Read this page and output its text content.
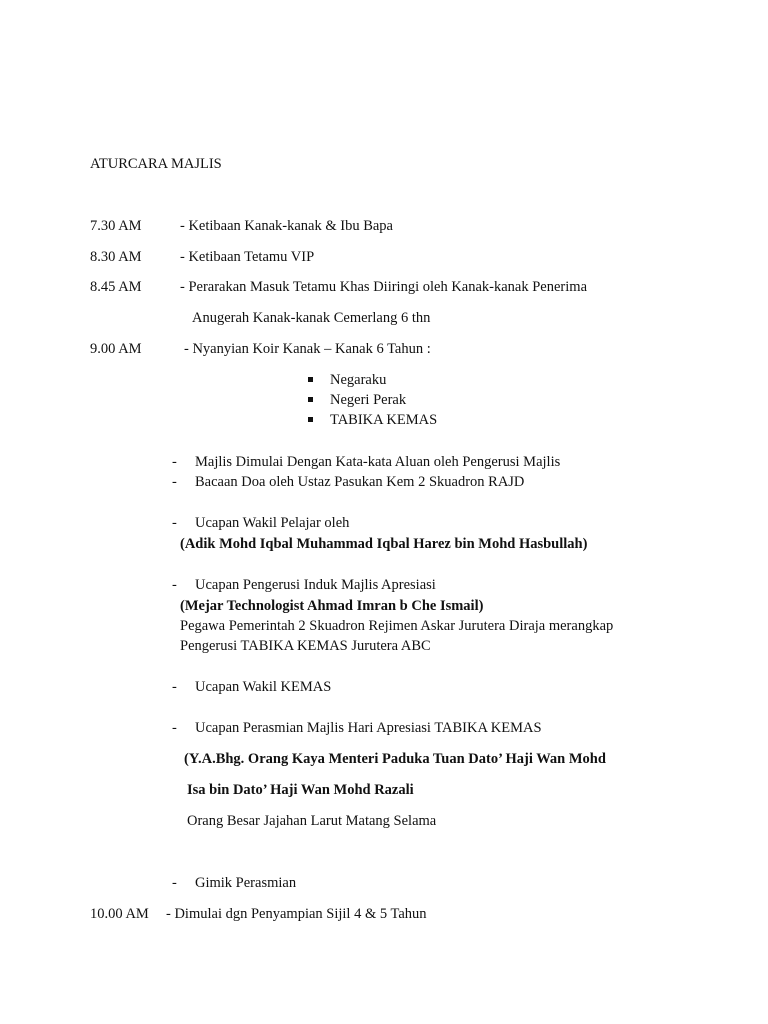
ATURCARA MAJLIS
7.30 AM	- Ketibaan Kanak-kanak & Ibu Bapa
8.30 AM	- Ketibaan Tetamu VIP
8.45 AM	- Perarakan Masuk Tetamu Khas Diiringi oleh Kanak-kanak Penerima
Anugerah Kanak-kanak Cemerlang 6 thn
9.00 AM	- Nyanyian Koir Kanak – Kanak 6 Tahun :
Negaraku
Negeri Perak
TABIKA KEMAS
- Majlis Dimulai Dengan Kata-kata Aluan oleh Pengerusi Majlis
- Bacaan Doa oleh Ustaz Pasukan Kem 2 Skuadron RAJD
- Ucapan Wakil Pelajar oleh
(Adik Mohd Iqbal Muhammad Iqbal Harez bin Mohd Hasbullah)
- Ucapan Pengerusi Induk Majlis Apresiasi
(Mejar Technologist Ahmad Imran b Che Ismail)
Pegawa Pemerintah 2 Skuadron Rejimen Askar Jurutera Diraja merangkap
Pengerusi TABIKA KEMAS Jurutera ABC
- Ucapan Wakil KEMAS
- Ucapan Perasmian Majlis Hari Apresiasi TABIKA KEMAS
(Y.A.Bhg. Orang Kaya Menteri Paduka Tuan Dato’ Haji Wan Mohd
Isa bin Dato’ Haji Wan Mohd Razali
Orang Besar Jajahan Larut Matang Selama
- Gimik Perasmian
10.00 AM - Dimulai dgn Penyampian Sijil 4 & 5 Tahun
